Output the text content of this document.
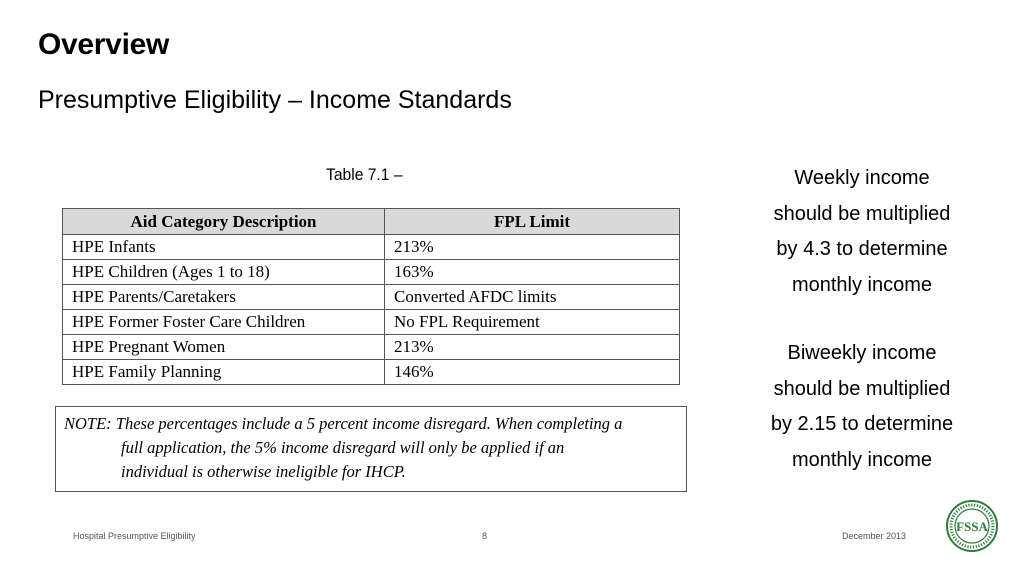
Overview
Presumptive Eligibility – Income Standards
Table 7.1 –
Aid Category Description	FPL Limit
HPE Infants	213%
HPE Children (Ages 1 to 18)	163%
HPE Parents/Caretakers	Converted AFDC limits
HPE Former Foster Care Children	No FPL Requirement
HPE Pregnant Women	213%
HPE Family Planning	146%
NOTE: These percentages include a 5 percent income disregard. When completing a
full application, the 5% income disregard will only be applied if an
individual is otherwise ineligible for IHCP.
Weekly income
should be multiplied
by 4.3 to determine
monthly income
Biweekly income
should be multiplied
by 2.15 to determine
monthly income
Hospital Presumptive Eligibility	8	December 2013
FSSA
